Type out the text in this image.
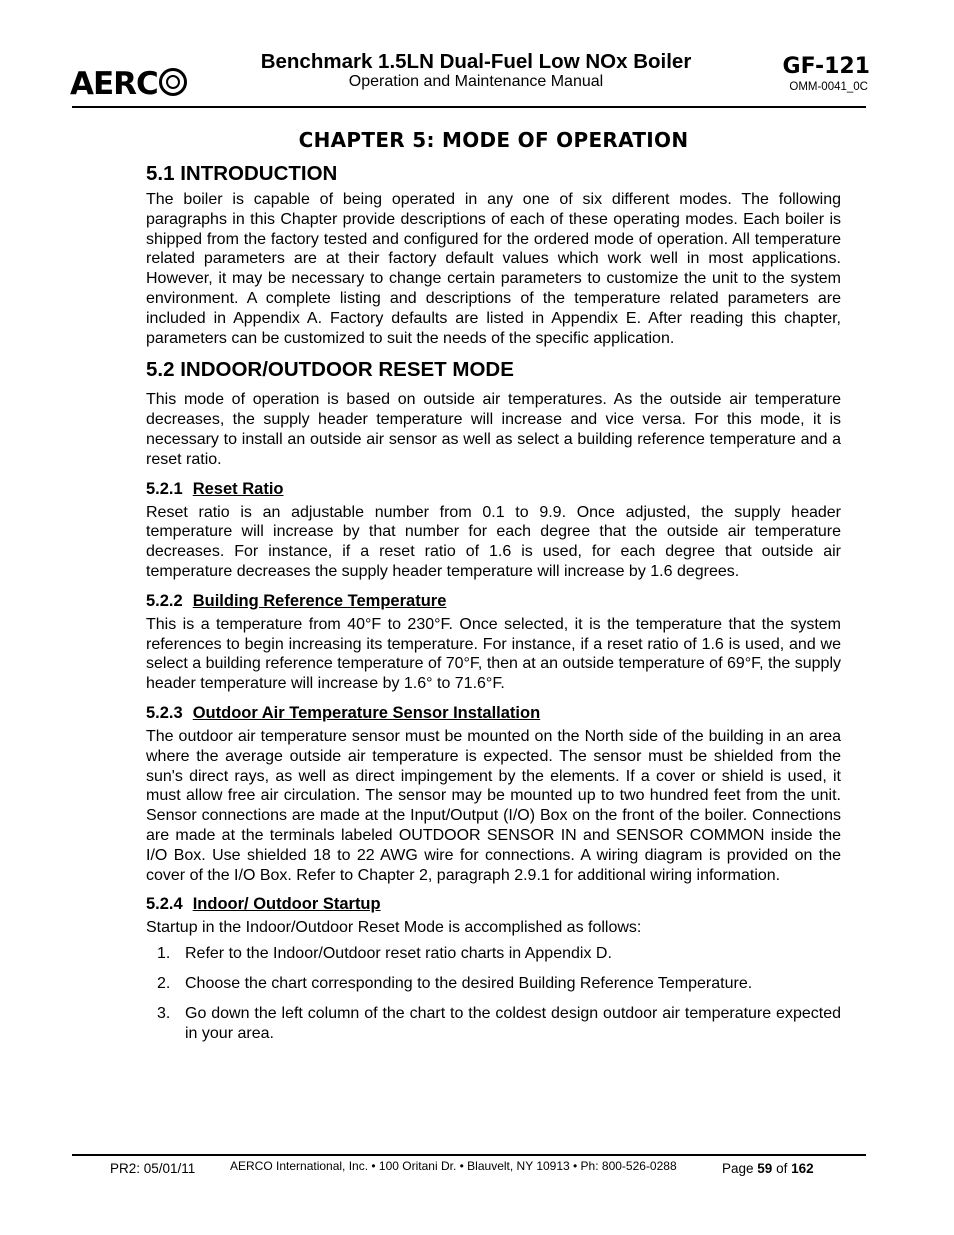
AERC
Benchmark 1.5LN Dual-Fuel Low NOx Boiler
Operation and Maintenance Manual
GF-121
OMM-0041_0C
CHAPTER 5: MODE OF OPERATION
5.1 INTRODUCTION

The boiler is capable of being operated in any one of six different modes. The following paragraphs in this Chapter provide descriptions of each of these operating modes. Each boiler is shipped from the factory tested and configured for the ordered mode of operation. All temperature related parameters are at their factory default values which work well in most applications. However, it may be necessary to change certain parameters to customize the unit to the system environment. A complete listing and descriptions of the temperature related parameters are included in Appendix A. Factory defaults are listed in Appendix E. After reading this chapter, parameters can be customized to suit the needs of the specific application.

5.2 INDOOR/OUTDOOR RESET MODE

This mode of operation is based on outside air temperatures. As the outside air temperature decreases, the supply header temperature will increase and vice versa. For this mode, it is necessary to install an outside air sensor as well as select a building reference temperature and a reset ratio.

5.2.1 Reset Ratio

Reset ratio is an adjustable number from 0.1 to 9.9. Once adjusted, the supply header temperature will increase by that number for each degree that the outside air temperature decreases. For instance, if a reset ratio of 1.6 is used, for each degree that outside air temperature decreases the supply header temperature will increase by 1.6 degrees.

5.2.2 Building Reference Temperature

This is a temperature from 40°F to 230°F. Once selected, it is the temperature that the system references to begin increasing its temperature. For instance, if a reset ratio of 1.6 is used, and we select a building reference temperature of 70°F, then at an outside temperature of 69°F, the supply header temperature will increase by 1.6° to 71.6°F.

5.2.3 Outdoor Air Temperature Sensor Installation

The outdoor air temperature sensor must be mounted on the North side of the building in an area where the average outside air temperature is expected. The sensor must be shielded from the sun's direct rays, as well as direct impingement by the elements. If a cover or shield is used, it must allow free air circulation. The sensor may be mounted up to two hundred feet from the unit. Sensor connections are made at the Input/Output (I/O) Box on the front of the boiler. Connections are made at the terminals labeled OUTDOOR SENSOR IN and SENSOR COMMON inside the I/O Box. Use shielded 18 to 22 AWG wire for connections. A wiring diagram is provided on the cover of the I/O Box. Refer to Chapter 2, paragraph 2.9.1 for additional wiring information.

5.2.4 Indoor/ Outdoor Startup

Startup in the Indoor/Outdoor Reset Mode is accomplished as follows:

1. Refer to the Indoor/Outdoor reset ratio charts in Appendix D.
2. Choose the chart corresponding to the desired Building Reference Temperature.
3. Go down the left column of the chart to the coldest design outdoor air temperature expected in your area.
PR2: 05/01/11	AERCO International, Inc. • 100 Oritani Dr. • Blauvelt, NY 10913 • Ph: 800-526-0288	Page 59 of 162
